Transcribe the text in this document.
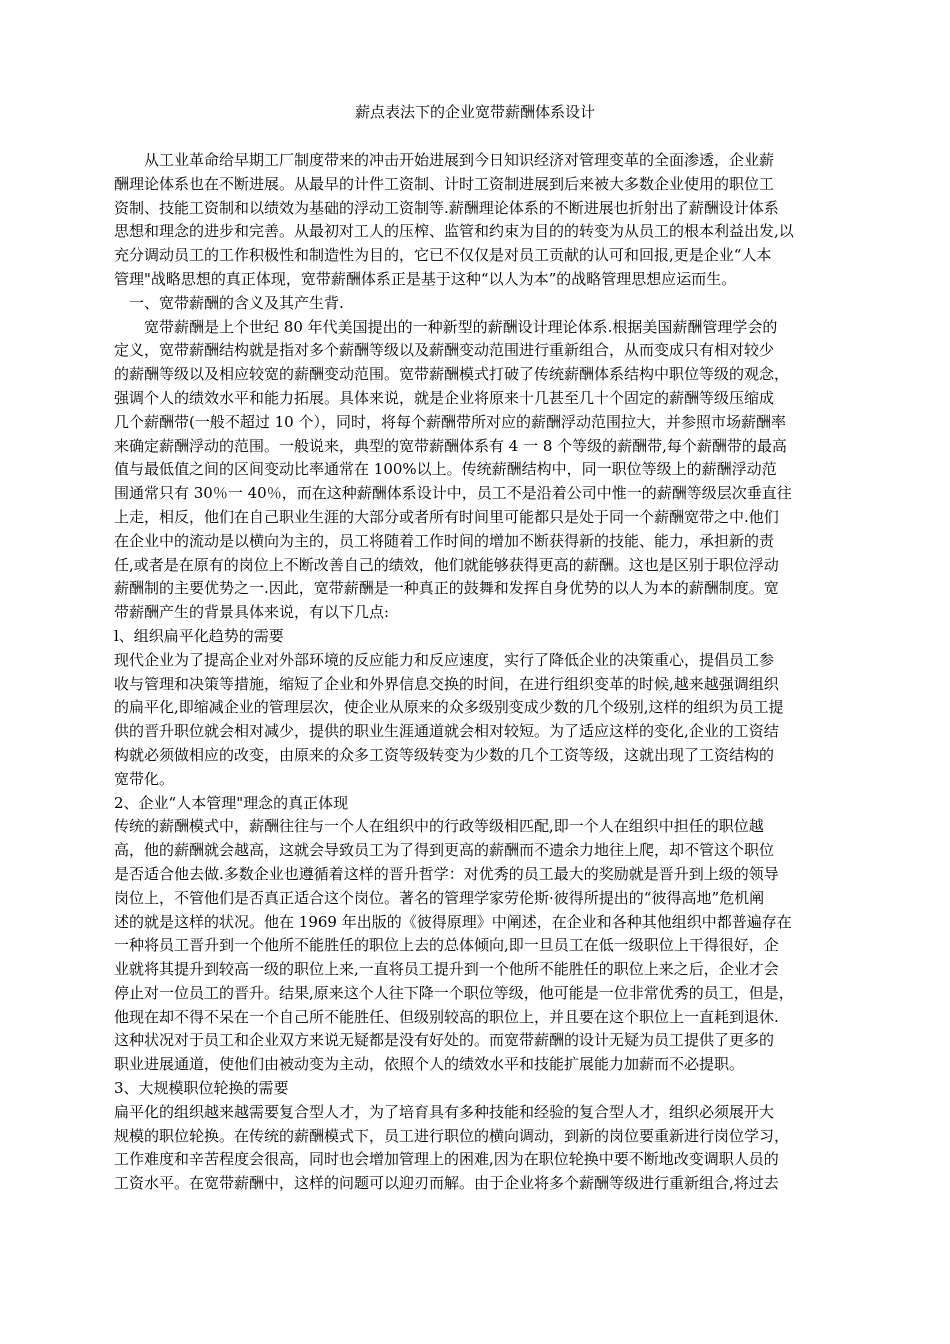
薪点表法下的企业宽带薪酬体系设计
　　从工业革命给早期工厂制度带来的冲击开始进展到今日知识经济对管理变革的全面渗透，企业薪
酬理论体系也在不断进展。从最早的计件工资制、计时工资制进展到后来被大多数企业使用的职位工
资制、技能工资制和以绩效为基础的浮动工资制等.薪酬理论体系的不断进展也折射出了薪酬设计体系
思想和理念的进步和完善。从最初对工人的压榨、监管和约束为目的的转变为从员工的根本利益出发,以
充分调动员工的工作积极性和制造性为目的，它已不仅仅是对员工贡献的认可和回报,更是企业“人本
管理"战略思想的真正体现，宽带薪酬体系正是基于这种“以人为本”的战略管理思想应运而生。
　一、宽带薪酬的含义及其产生背.
　　宽带薪酬是上个世纪 80 年代美国提出的一种新型的薪酬设计理论体系.根据美国薪酬管理学会的
定义，宽带薪酬结构就是指对多个薪酬等级以及薪酬变动范围进行重新组合，从而变成只有相对较少
的薪酬等级以及相应较宽的薪酬变动范围。宽带薪酬模式打破了传统薪酬体系结构中职位等级的观念，
强调个人的绩效水平和能力拓展。具体来说，就是企业将原来十几甚至几十个固定的薪酬等级压缩成
几个薪酬带(一般不超过 10 个），同时，将每个薪酬带所对应的薪酬浮动范围拉大，并参照市场薪酬率
来确定薪酬浮动的范围。一般说来，典型的宽带薪酬体系有 4 一 8 个等级的薪酬带,每个薪酬带的最高
值与最低值之间的区间变动比率通常在 100%以上。传统薪酬结构中，同一职位等级上的薪酬浮动范
围通常只有 30％一 40％，而在这种薪酬体系设计中，员工不是沿着公司中惟一的薪酬等级层次垂直往
上走，相反，他们在自己职业生涯的大部分或者所有时间里可能都只是处于同一个薪酬宽带之中.他们
在企业中的流动是以横向为主的，员工将随着工作时间的增加不断获得新的技能、能力，承担新的责
任,或者是在原有的岗位上不断改善自己的绩效，他们就能够获得更高的薪酬。这也是区别于职位浮动
薪酬制的主要优势之一.因此，宽带薪酬是一种真正的鼓舞和发挥自身优势的以人为本的薪酬制度。宽
带薪酬产生的背景具体来说，有以下几点:
l、组织扁平化趋势的需要
现代企业为了提高企业对外部环境的反应能力和反应速度，实行了降低企业的决策重心，提倡员工参
收与管理和决策等措施，缩短了企业和外界信息交换的时间，在进行组织变革的时候,越来越强调组织
的扁平化,即缩减企业的管理层次，使企业从原来的众多级别变成少数的几个级别,这样的组织为员工提
供的晋升职位就会相对减少，提供的职业生涯通道就会相对较短。为了适应这样的变化,企业的工资结
构就必须做相应的改变，由原来的众多工资等级转变为少数的几个工资等级，这就出现了工资结构的
宽带化。
2、企业“人本管理"理念的真正体现
传统的薪酬模式中，薪酬往往与一个人在组织中的行政等级相匹配,即一个人在组织中担任的职位越
高，他的薪酬就会越高，这就会导致员工为了得到更高的薪酬而不遗余力地往上爬，却不管这个职位
是否适合他去做.多数企业也遵循着这样的晋升哲学：对优秀的员工最大的奖励就是晋升到上级的领导
岗位上，不管他们是否真正适合这个岗位。著名的管理学家劳伦斯·彼得所提出的“彼得高地”危机阐
述的就是这样的状况。他在 1969 年出版的《彼得原理》中阐述，在企业和各种其他组织中都普遍存在
一种将员工晋升到一个他所不能胜任的职位上去的总体倾向,即一旦员工在低一级职位上干得很好，企
业就将其提升到较高一级的职位上来,一直将员工提升到一个他所不能胜任的职位上来之后，企业才会
停止对一位员工的晋升。结果,原来这个人往下降一个职位等级，他可能是一位非常优秀的员工，但是，
他现在却不得不呆在一个自己所不能胜任、但级别较高的职位上，并且要在这个职位上一直耗到退休.
这种状况对于员工和企业双方来说无疑都是没有好处的。而宽带薪酬的设计无疑为员工提供了更多的
职业进展通道，使他们由被动变为主动，依照个人的绩效水平和技能扩展能力加薪而不必提职。
3、大规模职位轮换的需要
扁平化的组织越来越需要复合型人才，为了培育具有多种技能和经验的复合型人才，组织必须展开大
规模的职位轮换。在传统的薪酬模式下，员工进行职位的横向调动，到新的岗位要重新进行岗位学习，
工作难度和辛苦程度会很高，同时也会增加管理上的困难,因为在职位轮换中要不断地改变调职人员的
工资水平。在宽带薪酬中，这样的问题可以迎刃而解。由于企业将多个薪酬等级进行重新组合,将过去
